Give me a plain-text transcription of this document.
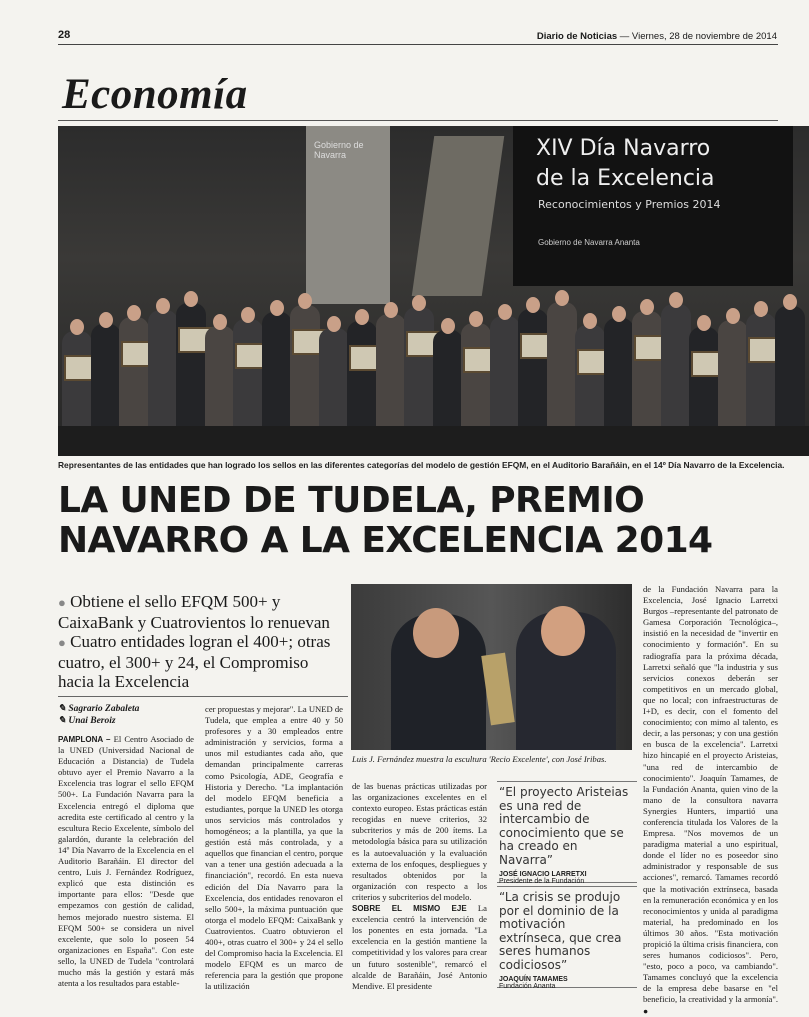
28	Diario de Noticias — Viernes, 28 de noviembre de 2014
Economía
Gobierno de Navarra	XIV Día Navarro
de la Excelencia
Reconocimientos y Premios 2014
Gobierno de Navarra Ananta
Representantes de las entidades que han logrado los sellos en las diferentes categorías del modelo de gestión EFQM, en el Auditorio Barañáin, en el 14º Día Navarro de la Excelencia.
LA UNED DE TUDELA, PREMIO
NAVARRO A LA EXCELENCIA 2014
● Obtiene el sello EFQM 500+ y CaixaBank y Cuatrovientos lo renuevan
● Cuatro entidades logran el 400+; otras cuatro, el 300+ y 24, el Compromiso hacia la Excelencia
✎ Sagrario Zabaleta
✎ Unai Beroiz
PAMPLONA – El Centro Asociado de la UNED (Universidad Nacional de Educación a Distancia) de Tudela obtuvo ayer el Premio Navarro a la Excelencia tras lograr el sello EFQM 500+. La Fundación Navarra para la Excelencia entregó el diploma que acredita este certificado al centro y la escultura Recio Excelente, símbolo del galardón, durante la celebración del 14º Día Navarro de la Excelencia en el Auditorio Barañáin. El director del centro, Luis J. Fernández Rodríguez, explicó que esta distinción es importante para ellos: "Desde que empezamos con gestión de calidad, hemos mejorado nuestro sistema. El EFQM 500+ se considera un nivel excelente, que solo lo poseen 54 organizaciones en España". Con este sello, la UNED de Tudela "controlará mucho más la gestión y estará más atenta a los resultados para estable-
cer propuestas y mejorar". La UNED de Tudela, que emplea a entre 40 y 50 profesores y a 30 empleados entre administración y servicios, forma a unos mil estudiantes cada año, que demandan principalmente carreras como Psicología, ADE, Geografía e Historia y Derecho. "La implantación del modelo EFQM beneficia a estudiantes, porque la UNED les otorga unos servicios más controlados y homogéneos; a la plantilla, ya que la gestión está más controlada, y a aquellos que financian el centro, porque van a tener una gestión adecuada a la financiación", recordó. En esta nueva edición del Día Navarro para la Excelencia, dos entidades renovaron el sello 500+, la máxima puntuación que otorga el modelo EFQM: CaixaBank y Cuatrovientos. Cuatro obtuvieron el 400+, otras cuatro el 300+ y 24 el sello del Compromiso hacia la Excelencia. El modelo EFQM es un marco de referencia para la gestión que propone la utilización
Luis J. Fernández muestra la escultura 'Recio Excelente', con José Iribas.
de las buenas prácticas utilizadas por las organizaciones excelentes en el contexto europeo. Estas prácticas están recogidas en nueve criterios, 32 subcriterios y más de 200 ítems. La metodología básica para su utilización es la autoevaluación y la evaluación externa de los enfoques, despliegues y resultados obtenidos por la organización con respecto a los criterios y subcriterios del modelo.
SOBRE EL MISMO EJE La excelencia centró la intervención de los ponentes en esta jornada. "La excelencia en la gestión mantiene la competitividad y los valores para crear un futuro sostenible", remarcó el alcalde de Barañáin, José Antonio Mendive. El presidente
“El proyecto Aristeias es una red de intercambio de conocimiento que se ha creado en Navarra”
JOSÉ IGNACIO LARRETXI
Presidente de la Fundación
“La crisis se produjo por el dominio de la motivación extrínseca, que crea seres humanos codiciosos”
JOAQUÍN TAMAMES
Fundación Ananta
de la Fundación Navarra para la Excelencia, José Ignacio Larretxi Burgos –representante del patronato de Gamesa Corporación Tecnológica–, insistió en la necesidad de "invertir en conocimiento y formación". En su radiografía para la próxima década, Larretxi señaló que "la industria y sus servicios conexos deberán ser competitivos en un mercado global, que no local; con infraestructuras de I+D, es decir, con el fomento del conocimiento; con mimo al talento, es decir, a las personas; y con una gestión en busca de la excelencia". Larretxi hizo hincapié en el proyecto Aristeias, "una red de intercambio de conocimiento". Joaquín Tamames, de la Fundación Ananta, quien vino de la mano de la consultora navarra Synergies Hunters, impartió una conferencia titulada los Valores de la Empresa. "Nos movemos de un paradigma material a uno espiritual, donde el líder no es poseedor sino administrador y responsable de sus acciones", remarcó. Tamames recordó que la motivación extrínseca, basada en la remuneración económica y en los reconocimientos y unida al paradigma material, ha predominado en los últimos 30 años. "Esta motivación propició la última crisis financiera, con seres humanos codiciosos". Pero, "esto, poco a poco, va cambiando". Tamames concluyó que la excelencia de la empresa debe basarse en "el beneficio, la creatividad y la armonía". ●
